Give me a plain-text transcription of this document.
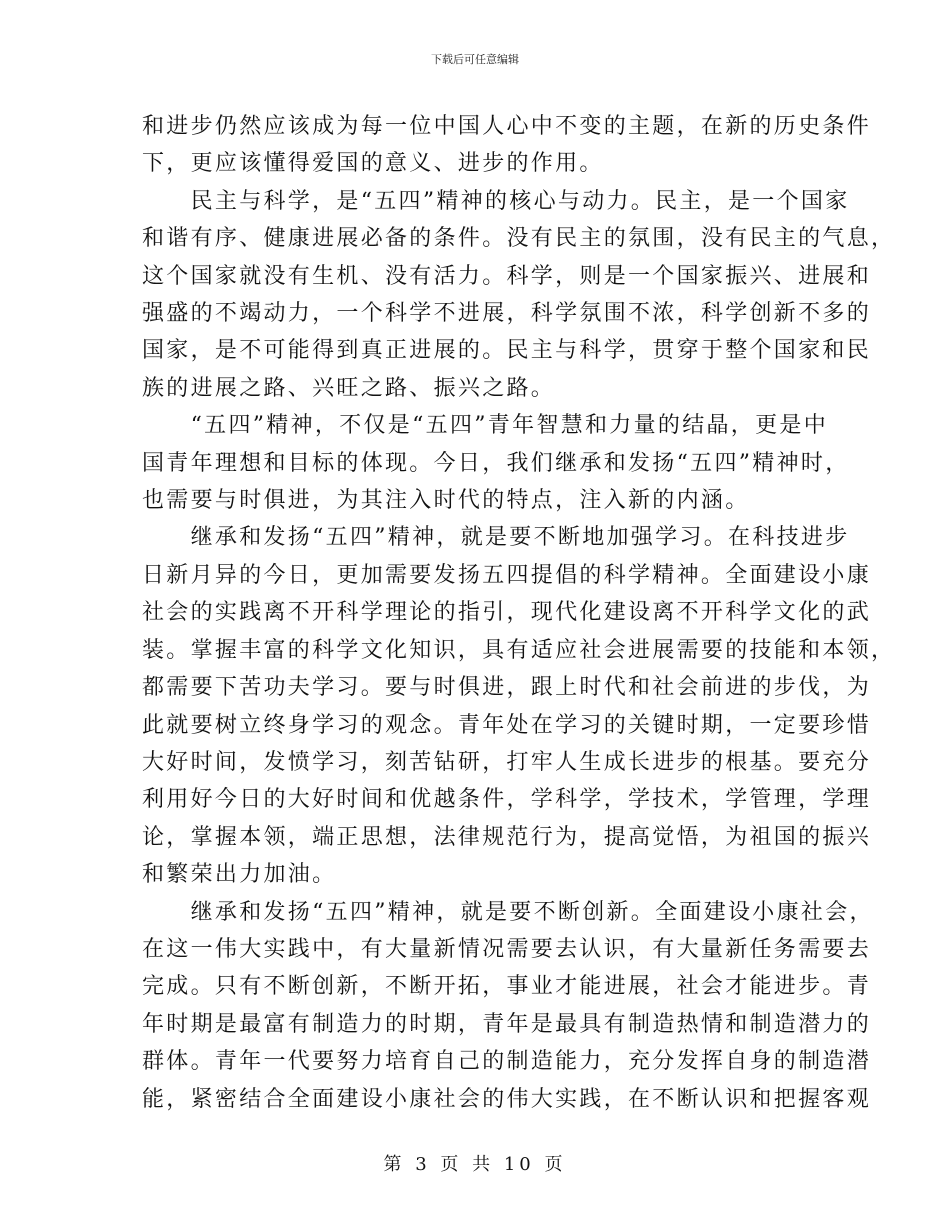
下载后可任意编辑

和进步仍然应该成为每一位中国人心中不变的主题，在新的历史条件
下，更应该懂得爱国的意义、进步的作用。

　　民主与科学，是“五四”精神的核心与动力。民主，是一个国家
和谐有序、健康进展必备的条件。没有民主的氛围，没有民主的气息，
这个国家就没有生机、没有活力。科学，则是一个国家振兴、进展和
强盛的不竭动力，一个科学不进展，科学氛围不浓，科学创新不多的
国家，是不可能得到真正进展的。民主与科学，贯穿于整个国家和民
族的进展之路、兴旺之路、振兴之路。

　　“五四”精神，不仅是“五四”青年智慧和力量的结晶，更是中
国青年理想和目标的体现。今日，我们继承和发扬“五四”精神时，
也需要与时俱进，为其注入时代的特点，注入新的内涵。

　　继承和发扬“五四”精神，就是要不断地加强学习。在科技进步
日新月异的今日，更加需要发扬五四提倡的科学精神。全面建设小康
社会的实践离不开科学理论的指引，现代化建设离不开科学文化的武
装。掌握丰富的科学文化知识，具有适应社会进展需要的技能和本领，
都需要下苦功夫学习。要与时俱进，跟上时代和社会前进的步伐，为
此就要树立终身学习的观念。青年处在学习的关键时期，一定要珍惜
大好时间，发愤学习，刻苦钻研，打牢人生成长进步的根基。要充分
利用好今日的大好时间和优越条件，学科学，学技术，学管理，学理
论，掌握本领，端正思想，法律规范行为，提高觉悟，为祖国的振兴
和繁荣出力加油。

　　继承和发扬“五四”精神，就是要不断创新。全面建设小康社会，
在这一伟大实践中，有大量新情况需要去认识，有大量新任务需要去
完成。只有不断创新，不断开拓，事业才能进展，社会才能进步。青
年时期是最富有制造力的时期，青年是最具有制造热情和制造潜力的
群体。青年一代要努力培育自己的制造能力，充分发挥自身的制造潜
能，紧密结合全面建设小康社会的伟大实践，在不断认识和把握客观

第 3 页 共 10 页
